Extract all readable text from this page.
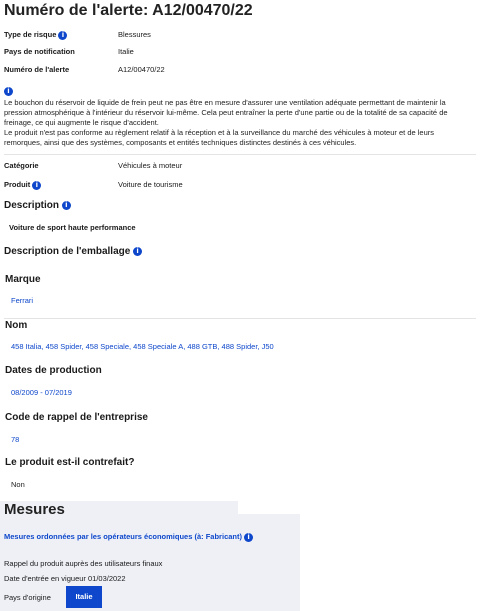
Numéro de l'alerte: A12/00470/22
Type de risque i	Blessures
Pays de notification	Italie
Numéro de l'alerte	A12/00470/22
i
Le bouchon du réservoir de liquide de frein peut ne pas être en mesure d'assurer une ventilation adéquate permettant de maintenir la pression atmosphérique à l'intérieur du réservoir lui-même. Cela peut entraîner la perte d'une partie ou de la totalité de sa capacité de freinage, ce qui augmente le risque d'accident.
Le produit n'est pas conforme au règlement relatif à la réception et à la surveillance du marché des véhicules à moteur et de leurs remorques, ainsi que des systèmes, composants et entités techniques distinctes destinés à ces véhicules.
Catégorie	Véhicules à moteur
Produit i	Voiture de tourisme
Description i
Voiture de sport haute performance
Description de l'emballage i
Marque
Ferrari
Nom
458 Italia, 458 Spider, 458 Speciale, 458 Speciale A, 488 GTB, 488 Spider, J50
Dates de production
08/2009 - 07/2019
Code de rappel de l'entreprise
78
Le produit est-il contrefait?
Non
Mesures
Mesures ordonnées par les opérateurs économiques (à: Fabricant) i
Rappel du produit auprès des utilisateurs finaux
Date d'entrée en vigueur 01/03/2022
Pays d'origine	Italie
